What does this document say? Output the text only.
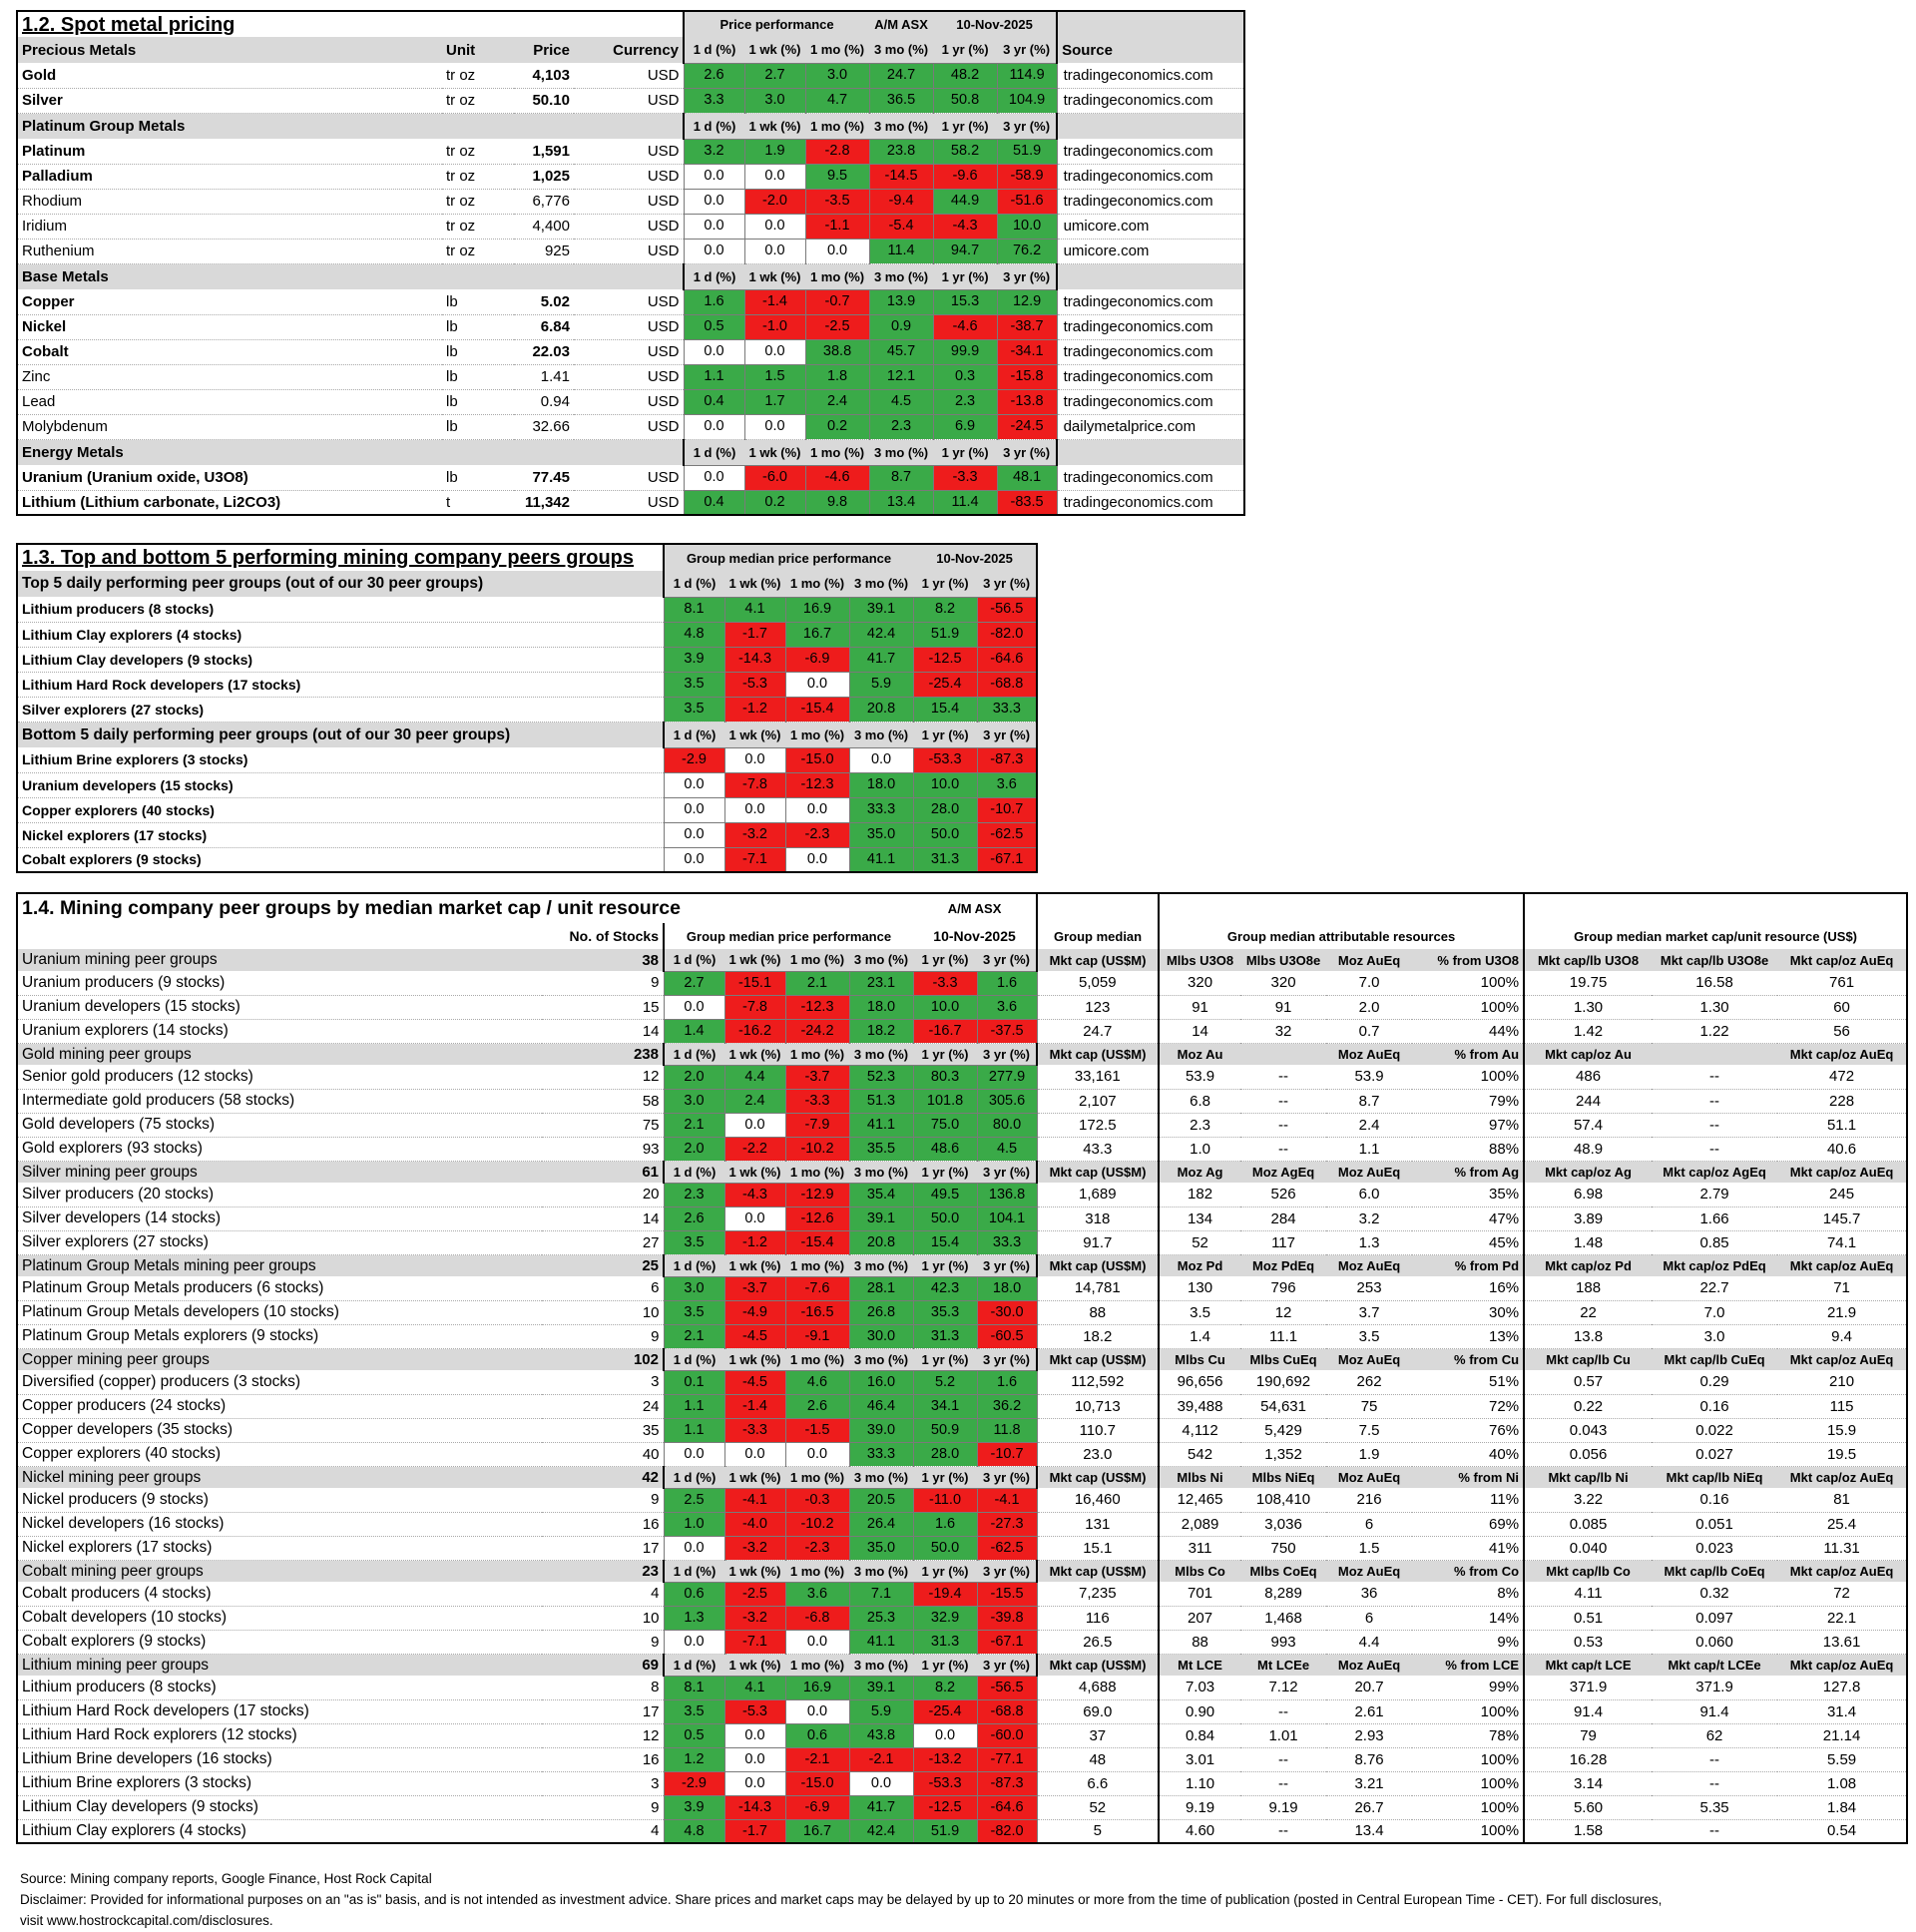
1.2. Spot metal pricing				Price performance			A/M ASX	10-Nov-2025		
Precious Metals	Unit	Price	Currency	1 d (%)	1 wk (%)	1 mo (%)	3 mo (%)	1 yr (%)	3 yr (%)	Source
Gold	tr oz	4,103	USD	2.6	2.7	3.0	24.7	48.2	114.9	tradingeconomics.com
Silver	tr oz	50.10	USD	3.3	3.0	4.7	36.5	50.8	104.9	tradingeconomics.com
Platinum Group Metals				1 d (%)	1 wk (%)	1 mo (%)	3 mo (%)	1 yr (%)	3 yr (%)	
Platinum	tr oz	1,591	USD	3.2	1.9	-2.8	23.8	58.2	51.9	tradingeconomics.com
Palladium	tr oz	1,025	USD	0.0	0.0	9.5	-14.5	-9.6	-58.9	tradingeconomics.com
Rhodium	tr oz	6,776	USD	0.0	-2.0	-3.5	-9.4	44.9	-51.6	tradingeconomics.com
Iridium	tr oz	4,400	USD	0.0	0.0	-1.1	-5.4	-4.3	10.0	umicore.com
Ruthenium	tr oz	925	USD	0.0	0.0	0.0	11.4	94.7	76.2	umicore.com
Base Metals				1 d (%)	1 wk (%)	1 mo (%)	3 mo (%)	1 yr (%)	3 yr (%)	
Copper	lb	5.02	USD	1.6	-1.4	-0.7	13.9	15.3	12.9	tradingeconomics.com
Nickel	lb	6.84	USD	0.5	-1.0	-2.5	0.9	-4.6	-38.7	tradingeconomics.com
Cobalt	lb	22.03	USD	0.0	0.0	38.8	45.7	99.9	-34.1	tradingeconomics.com
Zinc	lb	1.41	USD	1.1	1.5	1.8	12.1	0.3	-15.8	tradingeconomics.com
Lead	lb	0.94	USD	0.4	1.7	2.4	4.5	2.3	-13.8	tradingeconomics.com
Molybdenum	lb	32.66	USD	0.0	0.0	0.2	2.3	6.9	-24.5	dailymetalprice.com
Energy Metals				1 d (%)	1 wk (%)	1 mo (%)	3 mo (%)	1 yr (%)	3 yr (%)	
Uranium (Uranium oxide, U3O8)	lb	77.45	USD	0.0	-6.0	-4.6	8.7	-3.3	48.1	tradingeconomics.com
Lithium (Lithium carbonate, Li2CO3)	t	11,342	USD	0.4	0.2	9.8	13.4	11.4	-83.5	tradingeconomics.com
1.3. Top and bottom 5 performing mining company peers groups	Group median price performance				10-Nov-2025	
Top 5 daily performing peer groups (out of our 30 peer groups)	1 d (%)	1 wk (%)	1 mo (%)	3 mo (%)	1 yr (%)	3 yr (%)
Lithium producers (8 stocks)	8.1	4.1	16.9	39.1	8.2	-56.5
Lithium Clay explorers (4 stocks)	4.8	-1.7	16.7	42.4	51.9	-82.0
Lithium Clay developers (9 stocks)	3.9	-14.3	-6.9	41.7	-12.5	-64.6
Lithium Hard Rock developers (17 stocks)	3.5	-5.3	0.0	5.9	-25.4	-68.8
Silver explorers (27 stocks)	3.5	-1.2	-15.4	20.8	15.4	33.3
Bottom 5 daily performing peer groups (out of our 30 peer groups)	1 d (%)	1 wk (%)	1 mo (%)	3 mo (%)	1 yr (%)	3 yr (%)
Lithium Brine explorers (3 stocks)	-2.9	0.0	-15.0	0.0	-53.3	-87.3
Uranium developers (15 stocks)	0.0	-7.8	-12.3	18.0	10.0	3.6
Copper explorers (40 stocks)	0.0	0.0	0.0	33.3	28.0	-10.7
Nickel explorers (17 stocks)	0.0	-3.2	-2.3	35.0	50.0	-62.5
Cobalt explorers (9 stocks)	0.0	-7.1	0.0	41.1	31.3	-67.1
1.4. Mining company peer groups by median market cap / unit resource						A/M ASX									
	No. of Stocks	Group median price performance				10-Nov-2025		Group median	Group median attributable resources				Group median market cap/unit resource (US$)		
Uranium mining peer groups	38	1 d (%)	1 wk (%)	1 mo (%)	3 mo (%)	1 yr (%)	3 yr (%)	Mkt cap (US$M)	Mlbs U3O8	Mlbs U3O8e	Moz AuEq	% from U3O8	Mkt cap/lb U3O8	Mkt cap/lb U3O8e	Mkt cap/oz AuEq
Uranium producers (9 stocks)	9	2.7	-15.1	2.1	23.1	-3.3	1.6	5,059	320	320	7.0	100%	19.75	16.58	761
Uranium developers (15 stocks)	15	0.0	-7.8	-12.3	18.0	10.0	3.6	123	91	91	2.0	100%	1.30	1.30	60
Uranium explorers (14 stocks)	14	1.4	-16.2	-24.2	18.2	-16.7	-37.5	24.7	14	32	0.7	44%	1.42	1.22	56
Gold mining peer groups	238	1 d (%)	1 wk (%)	1 mo (%)	3 mo (%)	1 yr (%)	3 yr (%)	Mkt cap (US$M)	Moz Au		Moz AuEq	% from Au	Mkt cap/oz Au		Mkt cap/oz AuEq
Senior gold producers (12 stocks)	12	2.0	4.4	-3.7	52.3	80.3	277.9	33,161	53.9	--	53.9	100%	486	--	472
Intermediate gold producers (58 stocks)	58	3.0	2.4	-3.3	51.3	101.8	305.6	2,107	6.8	--	8.7	79%	244	--	228
Gold developers (75 stocks)	75	2.1	0.0	-7.9	41.1	75.0	80.0	172.5	2.3	--	2.4	97%	57.4	--	51.1
Gold explorers (93 stocks)	93	2.0	-2.2	-10.2	35.5	48.6	4.5	43.3	1.0	--	1.1	88%	48.9	--	40.6
Silver mining peer groups	61	1 d (%)	1 wk (%)	1 mo (%)	3 mo (%)	1 yr (%)	3 yr (%)	Mkt cap (US$M)	Moz Ag	Moz AgEq	Moz AuEq	% from Ag	Mkt cap/oz Ag	Mkt cap/oz AgEq	Mkt cap/oz AuEq
Silver producers (20 stocks)	20	2.3	-4.3	-12.9	35.4	49.5	136.8	1,689	182	526	6.0	35%	6.98	2.79	245
Silver developers (14 stocks)	14	2.6	0.0	-12.6	39.1	50.0	104.1	318	134	284	3.2	47%	3.89	1.66	145.7
Silver explorers (27 stocks)	27	3.5	-1.2	-15.4	20.8	15.4	33.3	91.7	52	117	1.3	45%	1.48	0.85	74.1
Platinum Group Metals mining peer groups	25	1 d (%)	1 wk (%)	1 mo (%)	3 mo (%)	1 yr (%)	3 yr (%)	Mkt cap (US$M)	Moz Pd	Moz PdEq	Moz AuEq	% from Pd	Mkt cap/oz Pd	Mkt cap/oz PdEq	Mkt cap/oz AuEq
Platinum Group Metals producers (6 stocks)	6	3.0	-3.7	-7.6	28.1	42.3	18.0	14,781	130	796	253	16%	188	22.7	71
Platinum Group Metals developers (10 stocks)	10	3.5	-4.9	-16.5	26.8	35.3	-30.0	88	3.5	12	3.7	30%	22	7.0	21.9
Platinum Group Metals explorers (9 stocks)	9	2.1	-4.5	-9.1	30.0	31.3	-60.5	18.2	1.4	11.1	3.5	13%	13.8	3.0	9.4
Copper mining peer groups	102	1 d (%)	1 wk (%)	1 mo (%)	3 mo (%)	1 yr (%)	3 yr (%)	Mkt cap (US$M)	Mlbs Cu	Mlbs CuEq	Moz AuEq	% from Cu	Mkt cap/lb Cu	Mkt cap/lb CuEq	Mkt cap/oz AuEq
Diversified (copper) producers (3 stocks)	3	0.1	-4.5	4.6	16.0	5.2	1.6	112,592	96,656	190,692	262	51%	0.57	0.29	210
Copper producers (24 stocks)	24	1.1	-1.4	2.6	46.4	34.1	36.2	10,713	39,488	54,631	75	72%	0.22	0.16	115
Copper developers (35 stocks)	35	1.1	-3.3	-1.5	39.0	50.9	11.8	110.7	4,112	5,429	7.5	76%	0.043	0.022	15.9
Copper explorers (40 stocks)	40	0.0	0.0	0.0	33.3	28.0	-10.7	23.0	542	1,352	1.9	40%	0.056	0.027	19.5
Nickel mining peer groups	42	1 d (%)	1 wk (%)	1 mo (%)	3 mo (%)	1 yr (%)	3 yr (%)	Mkt cap (US$M)	Mlbs Ni	Mlbs NiEq	Moz AuEq	% from Ni	Mkt cap/lb Ni	Mkt cap/lb NiEq	Mkt cap/oz AuEq
Nickel producers (9 stocks)	9	2.5	-4.1	-0.3	20.5	-11.0	-4.1	16,460	12,465	108,410	216	11%	3.22	0.16	81
Nickel developers (16 stocks)	16	1.0	-4.0	-10.2	26.4	1.6	-27.3	131	2,089	3,036	6	69%	0.085	0.051	25.4
Nickel explorers (17 stocks)	17	0.0	-3.2	-2.3	35.0	50.0	-62.5	15.1	311	750	1.5	41%	0.040	0.023	11.31
Cobalt mining peer groups	23	1 d (%)	1 wk (%)	1 mo (%)	3 mo (%)	1 yr (%)	3 yr (%)	Mkt cap (US$M)	Mlbs Co	Mlbs CoEq	Moz AuEq	% from Co	Mkt cap/lb Co	Mkt cap/lb CoEq	Mkt cap/oz AuEq
Cobalt producers (4 stocks)	4	0.6	-2.5	3.6	7.1	-19.4	-15.5	7,235	701	8,289	36	8%	4.11	0.32	72
Cobalt developers (10 stocks)	10	1.3	-3.2	-6.8	25.3	32.9	-39.8	116	207	1,468	6	14%	0.51	0.097	22.1
Cobalt explorers (9 stocks)	9	0.0	-7.1	0.0	41.1	31.3	-67.1	26.5	88	993	4.4	9%	0.53	0.060	13.61
Lithium mining peer groups	69	1 d (%)	1 wk (%)	1 mo (%)	3 mo (%)	1 yr (%)	3 yr (%)	Mkt cap (US$M)	Mt LCE	Mt LCEe	Moz AuEq	% from LCE	Mkt cap/t LCE	Mkt cap/t LCEe	Mkt cap/oz AuEq
Lithium producers (8 stocks)	8	8.1	4.1	16.9	39.1	8.2	-56.5	4,688	7.03	7.12	20.7	99%	371.9	371.9	127.8
Lithium Hard Rock developers (17 stocks)	17	3.5	-5.3	0.0	5.9	-25.4	-68.8	69.0	0.90	--	2.61	100%	91.4	91.4	31.4
Lithium Hard Rock explorers (12 stocks)	12	0.5	0.0	0.6	43.8	0.0	-60.0	37	0.84	1.01	2.93	78%	79	62	21.14
Lithium Brine developers (16 stocks)	16	1.2	0.0	-2.1	-2.1	-13.2	-77.1	48	3.01	--	8.76	100%	16.28	--	5.59
Lithium Brine explorers (3 stocks)	3	-2.9	0.0	-15.0	0.0	-53.3	-87.3	6.6	1.10	--	3.21	100%	3.14	--	1.08
Lithium Clay developers (9 stocks)	9	3.9	-14.3	-6.9	41.7	-12.5	-64.6	52	9.19	9.19	26.7	100%	5.60	5.35	1.84
Lithium Clay explorers (4 stocks)	4	4.8	-1.7	16.7	42.4	51.9	-82.0	5	4.60	--	13.4	100%	1.58	--	0.54
Source: Mining company reports, Google Finance, Host Rock Capital
Disclaimer: Provided for informational purposes on an "as is" basis, and is not intended as investment advice. Share prices and market caps may be delayed by up to 20 minutes or more from the time of publication (posted in Central European Time - CET). For full disclosures,
visit www.hostrockcapital.com/disclosures.
